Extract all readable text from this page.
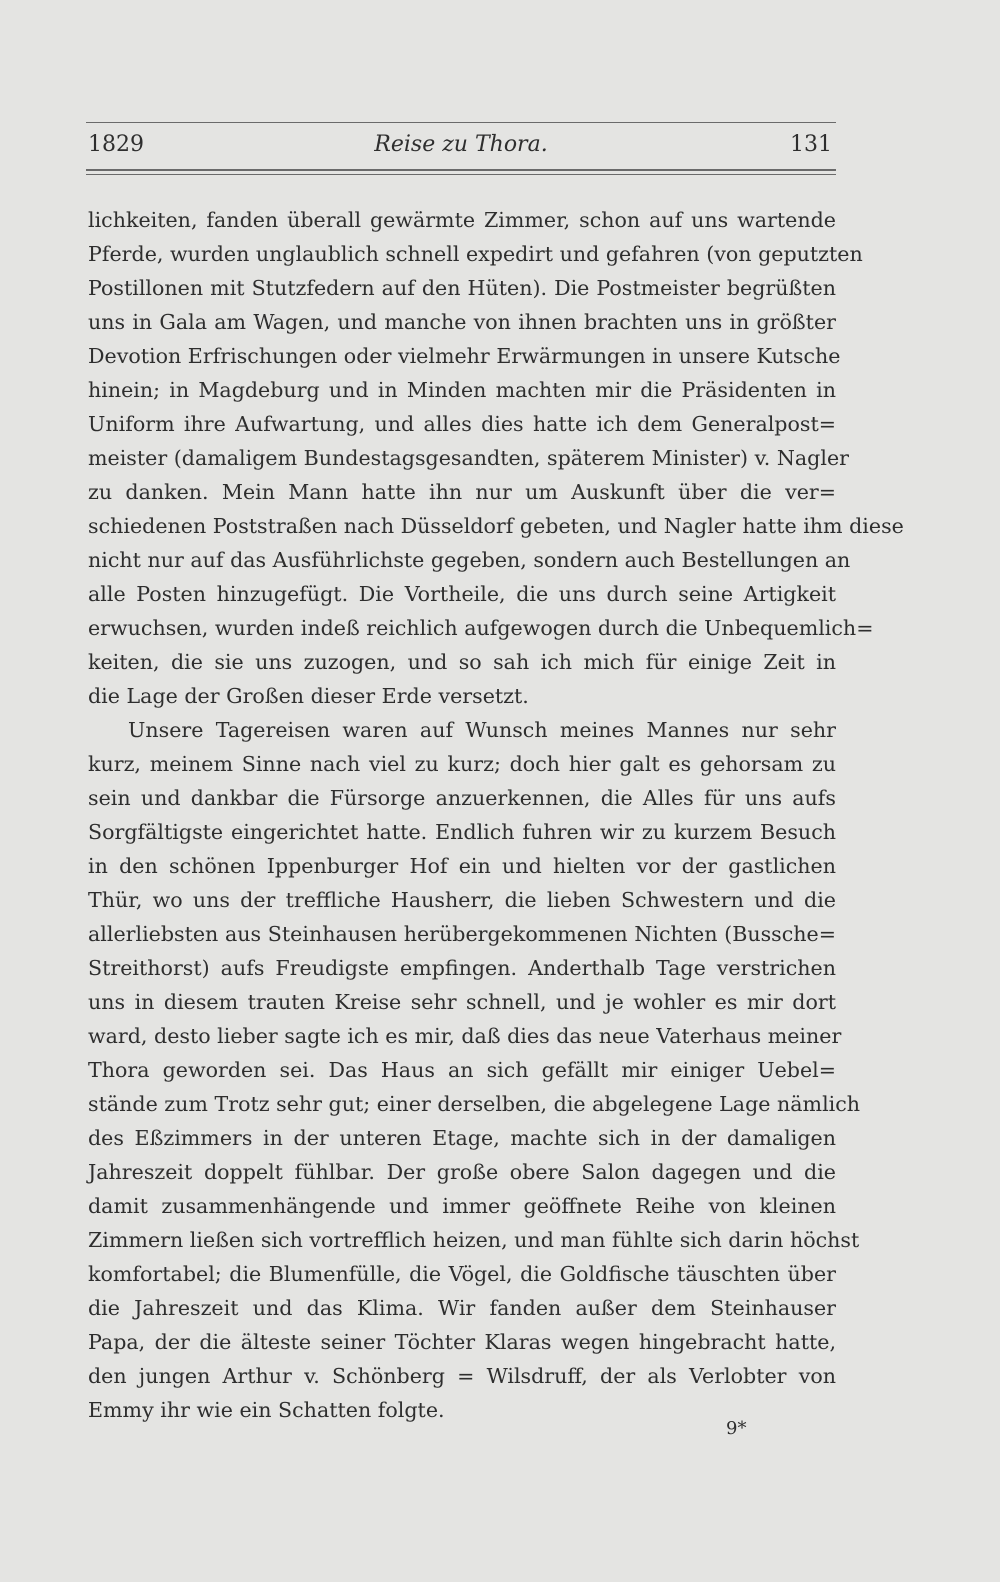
1829	Reise zu Thora.	131
lichkeiten, fanden überall gewärmte Zimmer, schon auf uns wartende
Pferde, wurden unglaublich schnell expedirt und gefahren (von geputzten
Postillonen mit Stutzfedern auf den Hüten). Die Postmeister begrüßten
uns in Gala am Wagen, und manche von ihnen brachten uns in größter
Devotion Erfrischungen oder vielmehr Erwärmungen in unsere Kutsche
hinein; in Magdeburg und in Minden machten mir die Präsidenten in
Uniform ihre Aufwartung, und alles dies hatte ich dem Generalpost=
meister (damaligem Bundestagsgesandten, späterem Minister) v. Nagler
zu danken. Mein Mann hatte ihn nur um Auskunft über die ver=
schiedenen Poststraßen nach Düsseldorf gebeten, und Nagler hatte ihm diese
nicht nur auf das Ausführlichste gegeben, sondern auch Bestellungen an
alle Posten hinzugefügt. Die Vortheile, die uns durch seine Artigkeit
erwuchsen, wurden indeß reichlich aufgewogen durch die Unbequemlich=
keiten, die sie uns zuzogen, und so sah ich mich für einige Zeit in
die Lage der Großen dieser Erde versetzt.
Unsere Tagereisen waren auf Wunsch meines Mannes nur sehr
kurz, meinem Sinne nach viel zu kurz; doch hier galt es gehorsam zu
sein und dankbar die Fürsorge anzuerkennen, die Alles für uns aufs
Sorgfältigste eingerichtet hatte. Endlich fuhren wir zu kurzem Besuch
in den schönen Ippenburger Hof ein und hielten vor der gastlichen
Thür, wo uns der treffliche Hausherr, die lieben Schwestern und die
allerliebsten aus Steinhausen herübergekommenen Nichten (Bussche=
Streithorst) aufs Freudigste empfingen. Anderthalb Tage verstrichen
uns in diesem trauten Kreise sehr schnell, und je wohler es mir dort
ward, desto lieber sagte ich es mir, daß dies das neue Vaterhaus meiner
Thora geworden sei. Das Haus an sich gefällt mir einiger Uebel=
stände zum Trotz sehr gut; einer derselben, die abgelegene Lage nämlich
des Eßzimmers in der unteren Etage, machte sich in der damaligen
Jahreszeit doppelt fühlbar. Der große obere Salon dagegen und die
damit zusammenhängende und immer geöffnete Reihe von kleinen
Zimmern ließen sich vortrefflich heizen, und man fühlte sich darin höchst
komfortabel; die Blumenfülle, die Vögel, die Goldfische täuschten über
die Jahreszeit und das Klima. Wir fanden außer dem Steinhauser
Papa, der die älteste seiner Töchter Klaras wegen hingebracht hatte,
den jungen Arthur v. Schönberg = Wilsdruff, der als Verlobter von
Emmy ihr wie ein Schatten folgte.
9*
